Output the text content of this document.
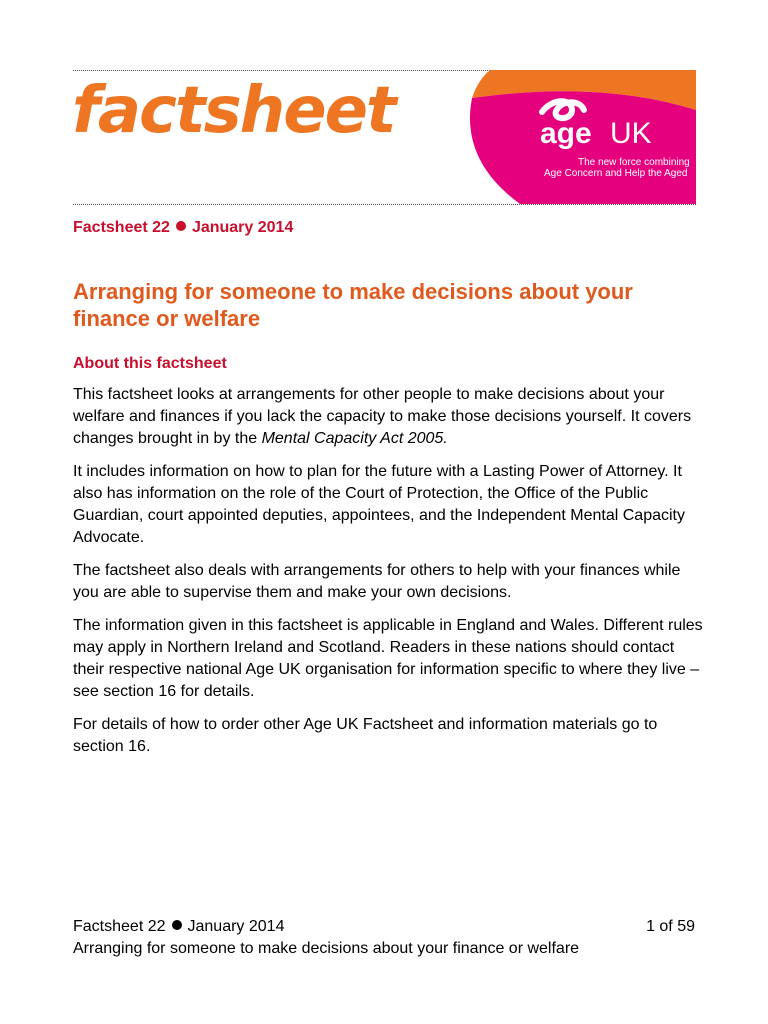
factsheet	age UK
The new force combining
Age Concern and Help the Aged
Factsheet 22 January 2014
Arranging for someone to make decisions about your finance or welfare
About this factsheet

This factsheet looks at arrangements for other people to make decisions about your welfare and finances if you lack the capacity to make those decisions yourself. It covers changes brought in by the Mental Capacity Act 2005.

It includes information on how to plan for the future with a Lasting Power of Attorney. It also has information on the role of the Court of Protection, the Office of the Public Guardian, court appointed deputies, appointees, and the Independent Mental Capacity Advocate.

The factsheet also deals with arrangements for others to help with your finances while you are able to supervise them and make your own decisions.

The information given in this factsheet is applicable in England and Wales. Different rules may apply in Northern Ireland and Scotland. Readers in these nations should contact their respective national Age UK organisation for information specific to where they live – see section 16 for details.

For details of how to order other Age UK Factsheet and information materials go to section 16.

Factsheet 22 January 2014	1 of 59
Arranging for someone to make decisions about your finance or welfare
